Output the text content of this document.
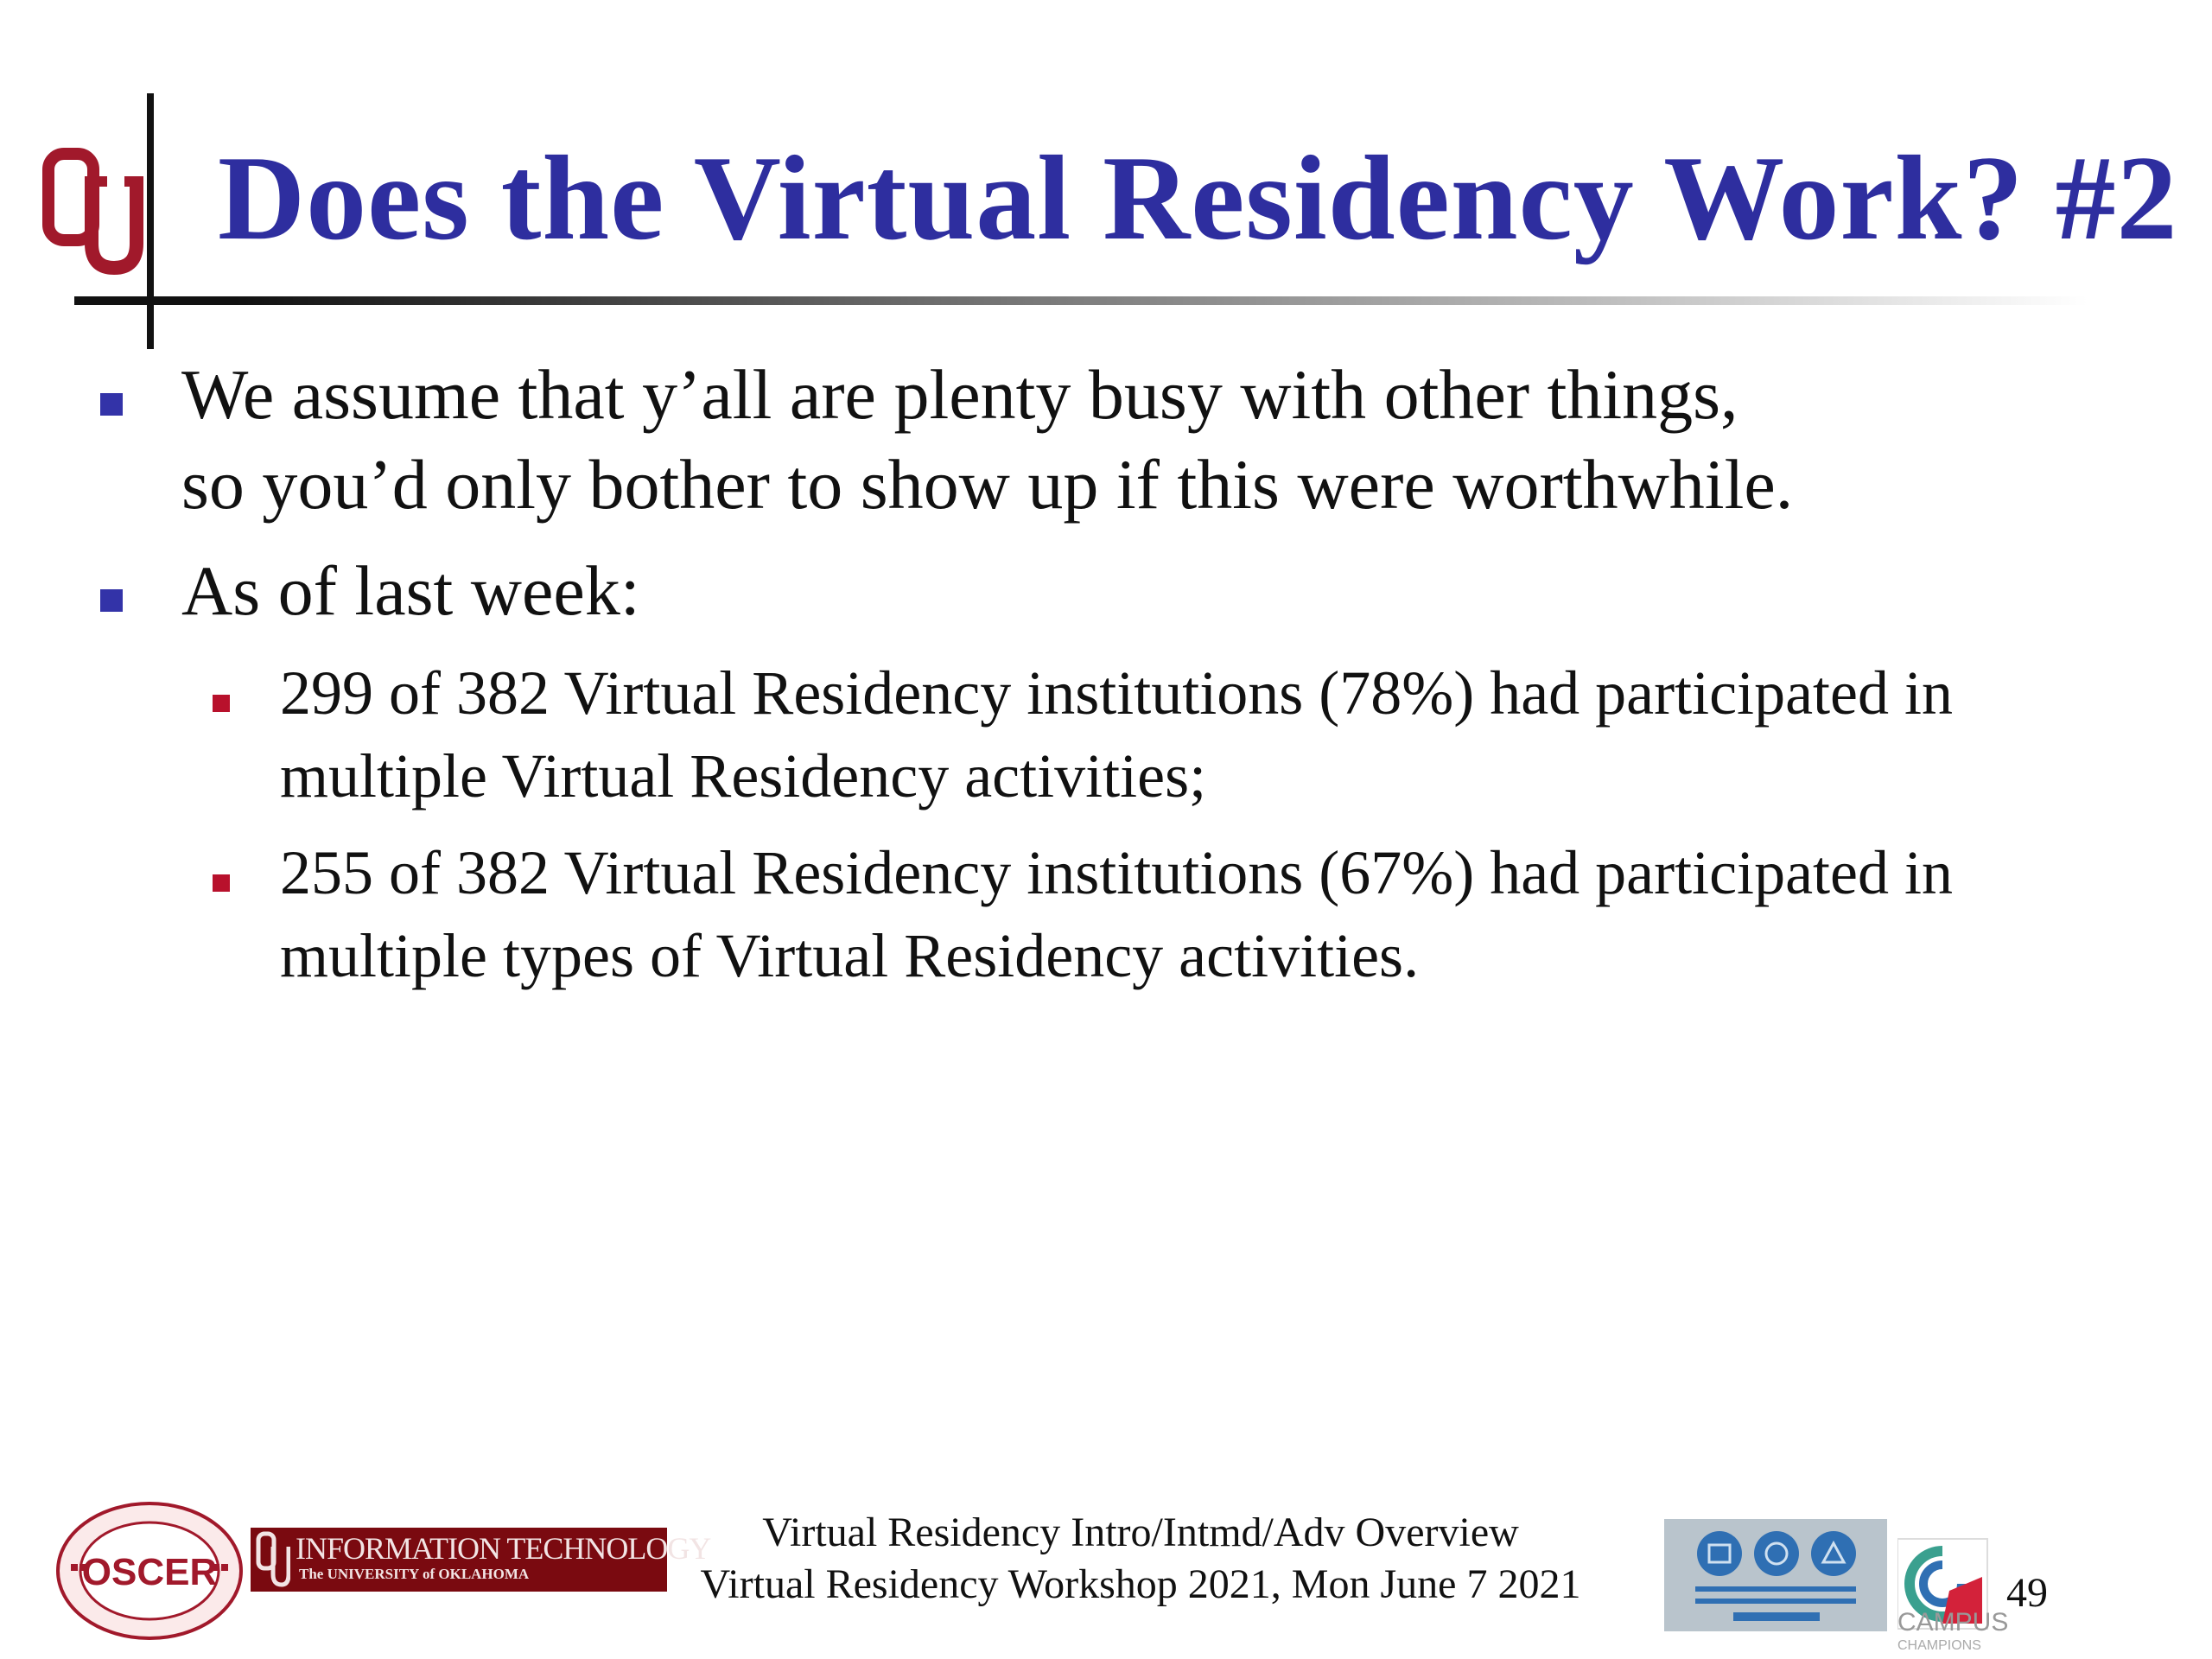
Does the Virtual Residency Work? #2
We assume that y’all are plenty busy with other things,
so you’d only bother to show up if this were worthwhile.
As of last week:
299 of 382 Virtual Residency institutions (78%) had participated in
multiple Virtual Residency activities;
255 of 382 Virtual Residency institutions (67%) had participated in
multiple types of Virtual Residency activities.
OSCER
INFORMATION TECHNOLOGY
The UNIVERSITY of OKLAHOMA
Virtual Residency Intro/Intmd/Adv Overview
Virtual Residency Workshop 2021, Mon June 7 2021
CAMPUS
CHAMPIONS
49
